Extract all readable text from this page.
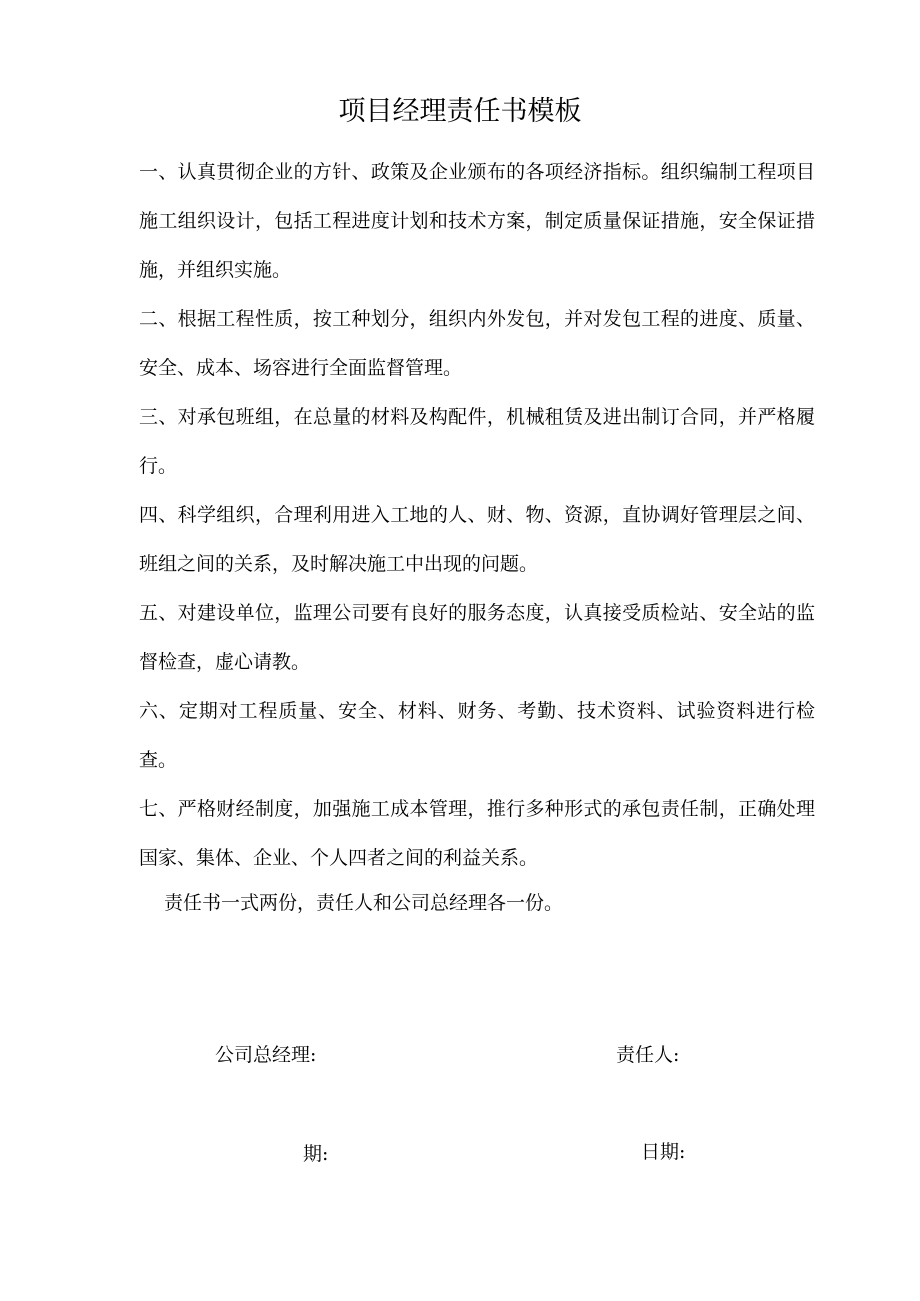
项目经理责任书模板

一、认真贯彻企业的方针、政策及企业颁布的各项经济指标。组织编制工程项目施工组织设计，包括工程进度计划和技术方案，制定质量保证措施，安全保证措施，并组织实施。

二、根据工程性质，按工种划分，组织内外发包，并对发包工程的进度、质量、安全、成本、场容进行全面监督管理。

三、对承包班组，在总量的材料及构配件，机械租赁及进出制订合同，并严格履行。

四、科学组织，合理利用进入工地的人、财、物、资源，直协调好管理层之间、班组之间的关系，及时解决施工中出现的问题。

五、对建设单位，监理公司要有良好的服务态度，认真接受质检站、安全站的监督检查，虚心请教。

六、定期对工程质量、安全、材料、财务、考勤、技术资料、试验资料进行检查。

七、严格财经制度，加强施工成本管理，推行多种形式的承包责任制，正确处理国家、集体、企业、个人四者之间的利益关系。

责任书一式两份，责任人和公司总经理各一份。

公司总经理:	责任人:
期:	日期:
